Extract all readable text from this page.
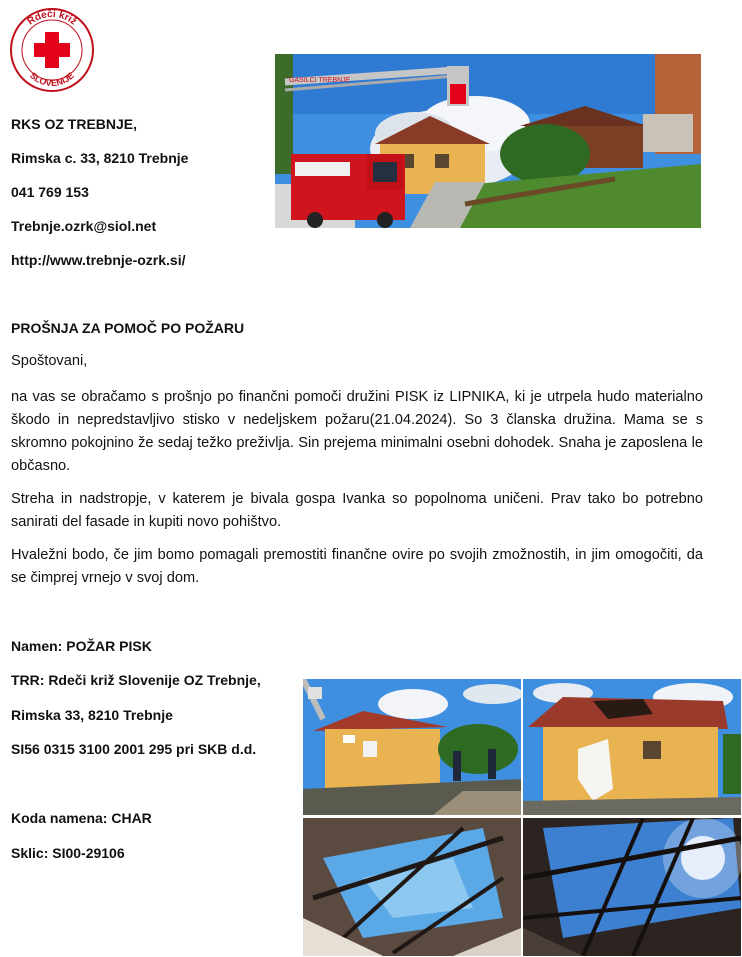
Rdeči križ
SLOVENIJE	GASILCI TREBNJE
RKS OZ TREBNJE,
Rimska c. 33, 8210 Trebnje
041 769 153
Trebnje.ozrk@siol.net
http://www.trebnje-ozrk.si/
PROŠNJA ZA POMOČ PO POŽARU
Spoštovani,
na vas se obračamo s prošnjo po finančni pomoči družini PISK iz LIPNIKA, ki je utrpela hudo materialno škodo in nepredstavljivo stisko v nedeljskem požaru(21.04.2024). So 3 članska družina. Mama se s skromno pokojnino že sedaj težko preživlja. Sin prejema minimalni osebni dohodek. Snaha je zaposlena le občasno.
Streha in nadstropje, v katerem je bivala gospa Ivanka so popolnoma uničeni. Prav tako bo potrebno sanirati del fasade in kupiti novo pohištvo.
Hvaležni bodo, če jim bomo pomagali premostiti finančne ovire po svojih zmožnostih, in jim omogočiti, da se čimprej vrnejo v svoj dom.
Namen: POŽAR PISK
TRR: Rdeči križ Slovenije OZ Trebnje,
Rimska 33, 8210 Trebnje
SI56 0315 3100 2001 295 pri SKB d.d.
Koda namena: CHAR
Sklic: SI00-29106
